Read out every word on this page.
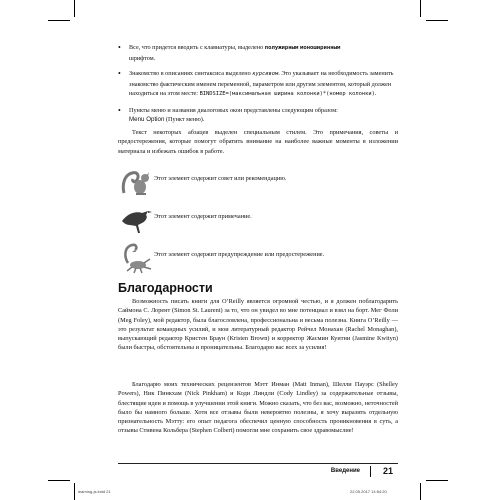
• Все, что придется вводить с клавиатуры, выделено полужирным моноширинным
шрифтом.
• Знакомство в описаниях синтаксиса выделено курсивом. Это указывает на необходимость заменить знакомство фактическим именем переменной, параметром или другим элементом, который должен находиться на этом месте: BINDSIZE=(максимальная ширина колонки)*(номер колонки).
• Пункты меню и названия диалоговых окон представлены следующим образом:
Menu Option (Пункт меню).

Текст некоторых абзацев выделен специальным стилем. Это примечания, советы и предостережения, которые помогут обратить внимание на наиболее важные моменты в изложении материала и избежать ошибок в работе.

Этот элемент содержит совет или рекомендацию.
Этот элемент содержит примечание.
Этот элемент содержит предупреждение или предостережение.
Благодарности

Возможность писать книги для O’Reilly является огромной честью, и я должен поблагодарить Саймона С. Лорент (Simon St. Laurent) за то, что он увидел во мне потенциал и взял на борт. Мег Фоли (Meg Foley), мой редактор, была благословлена, профессиональна и весьма полезна. Книга O’Reilly — это результат командных усилий, и мои литературный редактор Рейчел Монахан (Rachel Monaghan), выпускающий редактор Кристен Браун (Kristen Brown) и корректор Жасмин Куитни (Jasmine Kwityn) были быстры, обстоятельны и проницательны. Благодарю вас всех за усилия!

Благодарю моих технических рецензентов Мэтт Инман (Matt Inman), Шелли Пауэрс (Shelley Powers), Ник Пинкхам (Nick Pinkham) и Коди Линдли (Cody Lindley) за содержательные отзывы, блестящие идеи и помощь в улучшении этой книги. Можно сказать, что без вас, возможно, неточностей было бы намного больше. Хотя все отзывы были невероятно полезны, я хочу выразить отдельную признательность Мэтту: его опыт педагога обеспечил ценную способность проникновения в суть, а отзывы Стивена Кольбера (Stephen Colbert) помогли мне сохранить свое здравомыслие!

Введение	21
learning-js.indd 21	22.05.2017 14:54:20
